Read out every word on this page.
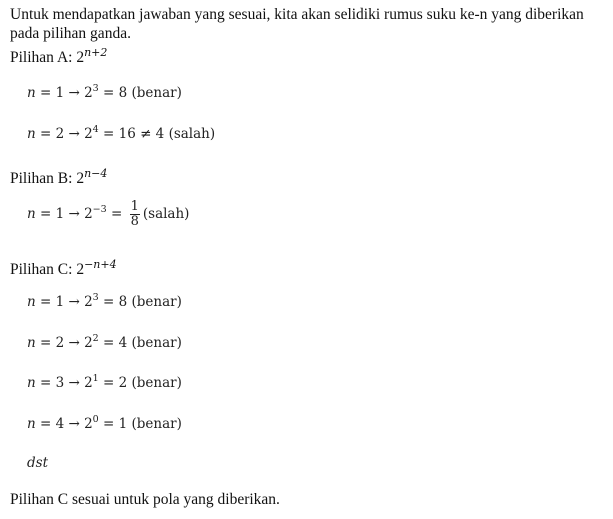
Untuk mendapatkan jawaban yang sesuai, kita akan selidiki rumus suku ke-n yang diberikan
pada pilihan ganda.
Pilihan A: $2^{n+2}$
$n = 1 \to 2^3 = 8$ (benar)
$n = 2 \to 2^4 = 16 \ne 4$ (salah)
Pilihan B: $2^{n-4}$
$n = 1 \to 2^{-3} = \frac{1}{8}$ (salah)
Pilihan C: $2^{-n+4}$
$n = 1 \to 2^3 = 8$ (benar)
$n = 2 \to 2^2 = 4$ (benar)
$n = 3 \to 2^1 = 2$ (benar)
$n = 4 \to 2^0 = 1$ (benar)
dst
Pilihan C sesuai untuk pola yang diberikan.
